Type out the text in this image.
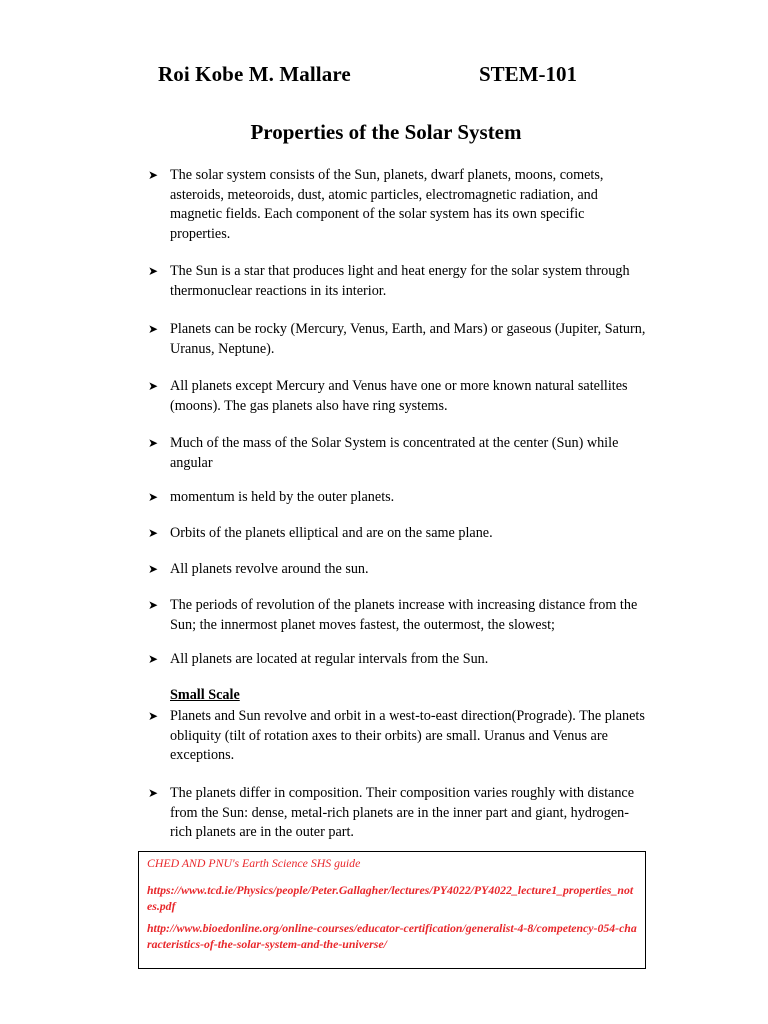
Roi Kobe M. Mallare	STEM-101
Properties of the Solar System
➤ The solar system consists of the Sun, planets, dwarf planets, moons, comets, asteroids, meteoroids, dust, atomic particles, electromagnetic radiation, and magnetic fields. Each component of the solar system has its own specific properties.
➤ The Sun is a star that produces light and heat energy for the solar system through thermonuclear reactions in its interior.
➤ Planets can be rocky (Mercury, Venus, Earth, and Mars) or gaseous (Jupiter, Saturn, Uranus, Neptune).
➤ All planets except Mercury and Venus have one or more known natural satellites (moons). The gas planets also have ring systems.
➤ Much of the mass of the Solar System is concentrated at the center (Sun) while angular
➤ momentum is held by the outer planets.
➤ Orbits of the planets elliptical and are on the same plane.
➤ All planets revolve around the sun.
➤ The periods of revolution of the planets increase with increasing distance from the Sun; the innermost planet moves fastest, the outermost, the slowest;
➤ All planets are located at regular intervals from the Sun.
Small Scale
➤ Planets and Sun revolve and orbit in a west-to-east direction(Prograde). The planets obliquity (tilt of rotation axes to their orbits) are small. Uranus and Venus are exceptions.
➤ The planets differ in composition. Their composition varies roughly with distance from the Sun: dense, metal-rich planets are in the inner part and giant, hydrogen-rich planets are in the outer part.
CHED AND PNU's Earth Science SHS guide
https://www.tcd.ie/Physics/people/Peter.Gallagher/lectures/PY4022/PY4022_lecture1_properties_notes.pdf
http://www.bioedonline.org/online-courses/educator-certification/generalist-4-8/competency-054-characteristics-of-the-solar-system-and-the-universe/
